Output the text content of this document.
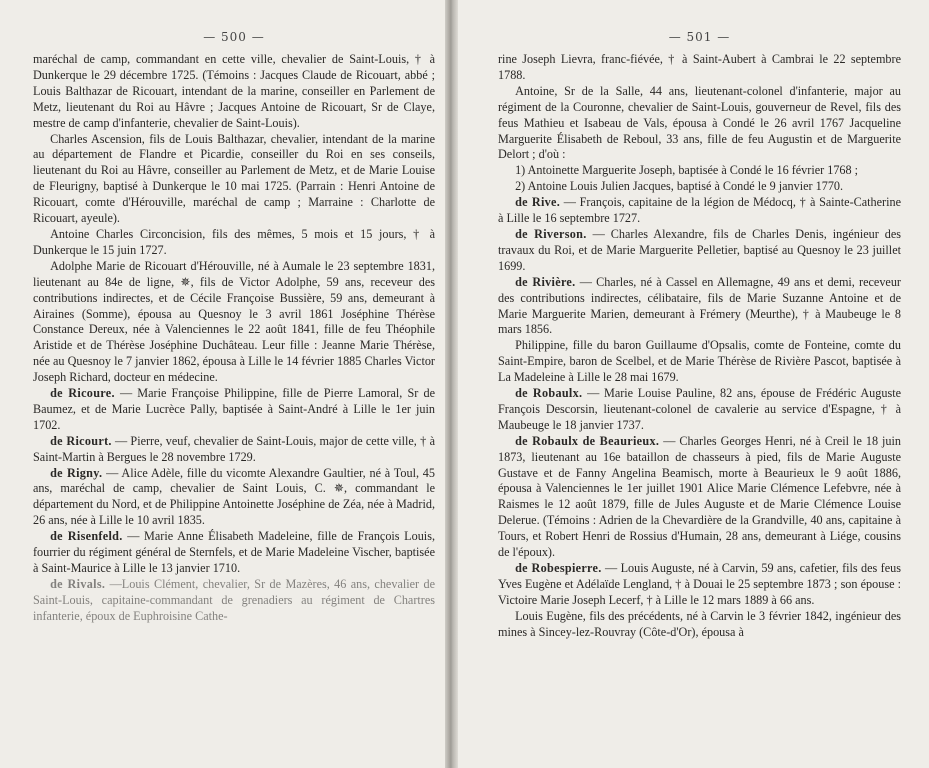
— 500 —

maréchal de camp, commandant en cette ville, chevalier de Saint-Louis, † à Dunkerque le 29 décembre 1725. (Témoins : Jacques Claude de Ricouart, abbé ; Louis Balthazar de Ricouart, intendant de la marine, conseiller en Parlement de Metz, lieutenant du Roi au Hâvre ; Jacques Antoine de Ricouart, Sr de Claye, mestre de camp d'infanterie, chevalier de Saint-Louis).

Charles Ascension, fils de Louis Balthazar, chevalier, intendant de la marine au département de Flandre et Picardie, conseiller du Roi en ses conseils, lieutenant du Roi au Hâvre, conseiller au Parlement de Metz, et de Marie Louise de Fleurigny, baptisé à Dunkerque le 10 mai 1725. (Parrain : Henri Antoine de Ricouart, comte d'Hérouville, maréchal de camp ; Marraine : Charlotte de Ricouart, ayeule).

Antoine Charles Circoncision, fils des mêmes, 5 mois et 15 jours, † à Dunkerque le 15 juin 1727.

Adolphe Marie de Ricouart d'Hérouville, né à Aumale le 23 septembre 1831, lieutenant au 84e de ligne, ✵, fils de Victor Adolphe, 59 ans, receveur des contributions indirectes, et de Cécile Françoise Bussière, 59 ans, demeurant à Airaines (Somme), épousa au Quesnoy le 3 avril 1861 Joséphine Thérèse Constance Dereux, née à Valenciennes le 22 août 1841, fille de feu Théophile Aristide et de Thérèse Joséphine Duchâteau. Leur fille : Jeanne Marie Thérèse, née au Quesnoy le 7 janvier 1862, épousa à Lille le 14 février 1885 Charles Victor Joseph Richard, docteur en médecine.

de Ricoure. — Marie Françoise Philippine, fille de Pierre Lamoral, Sr de Baumez, et de Marie Lucrèce Pally, baptisée à Saint-André à Lille le 1er juin 1702.

de Ricourt. — Pierre, veuf, chevalier de Saint-Louis, major de cette ville, † à Saint-Martin à Bergues le 28 novembre 1729.

de Rigny. — Alice Adèle, fille du vicomte Alexandre Gaultier, né à Toul, 45 ans, maréchal de camp, chevalier de Saint Louis, C. ✵, commandant le département du Nord, et de Philippine Antoinette Joséphine de Zéa, née à Madrid, 26 ans, née à Lille le 10 avril 1835.

de Risenfeld. — Marie Anne Élisabeth Madeleine, fille de François Louis, fourrier du régiment général de Sternfels, et de Marie Madeleine Vischer, baptisée à Saint-Maurice à Lille le 13 janvier 1710.

de Rivals. —Louis Clément, chevalier, Sr de Mazères, 46 ans, chevalier de Saint-Louis, capitaine-commandant de grenadiers au régiment de Chartres infanterie, époux de Euphroisine Cathe-

— 501 —

rine Joseph Lievra, franc-fiévée, † à Saint-Aubert à Cambrai le 22 septembre 1788.

Antoine, Sr de la Salle, 44 ans, lieutenant-colonel d'infanterie, major au régiment de la Couronne, chevalier de Saint-Louis, gouverneur de Revel, fils des feus Mathieu et Isabeau de Vals, épousa à Condé le 26 avril 1767 Jacqueline Marguerite Élisabeth de Reboul, 33 ans, fille de feu Augustin et de Marguerite Delort ; d'où :

1) Antoinette Marguerite Joseph, baptisée à Condé le 16 février 1768 ;

2) Antoine Louis Julien Jacques, baptisé à Condé le 9 janvier 1770.

de Rive. — François, capitaine de la légion de Médocq, † à Sainte-Catherine à Lille le 16 septembre 1727.

de Riverson. — Charles Alexandre, fils de Charles Denis, ingénieur des travaux du Roi, et de Marie Marguerite Pelletier, baptisé au Quesnoy le 23 juillet 1699.

de Rivière. — Charles, né à Cassel en Allemagne, 49 ans et demi, receveur des contributions indirectes, célibataire, fils de Marie Suzanne Antoine et de Marie Marguerite Marien, demeurant à Frémery (Meurthe), † à Maubeuge le 8 mars 1856.

Philippine, fille du baron Guillaume d'Opsalis, comte de Fonteine, comte du Saint-Empire, baron de Scelbel, et de Marie Thérèse de Rivière Pascot, baptisée à La Madeleine à Lille le 28 mai 1679.

de Robaulx. — Marie Louise Pauline, 82 ans, épouse de Frédéric Auguste François Descorsin, lieutenant-colonel de cavalerie au service d'Espagne, † à Maubeuge le 18 janvier 1737.

de Robaulx de Beaurieux. — Charles Georges Henri, né à Creil le 18 juin 1873, lieutenant au 16e bataillon de chasseurs à pied, fils de Marie Auguste Gustave et de Fanny Angelina Beamisch, morte à Beaurieux le 9 août 1886, épousa à Valenciennes le 1er juillet 1901 Alice Marie Clémence Lefebvre, née à Raismes le 12 août 1879, fille de Jules Auguste et de Marie Clémence Louise Delerue. (Témoins : Adrien de la Chevardière de la Grandville, 40 ans, capitaine à Tours, et Robert Henri de Rossius d'Humain, 28 ans, demeurant à Liége, cousins de l'époux).

de Robespierre. — Louis Auguste, né à Carvin, 59 ans, cafetier, fils des feus Yves Eugène et Adélaïde Lengland, † à Douai le 25 septembre 1873 ; son épouse : Victoire Marie Joseph Lecerf, † à Lille le 12 mars 1889 à 66 ans.

Louis Eugène, fils des précédents, né à Carvin le 3 février 1842, ingénieur des mines à Sincey-lez-Rouvray (Côte-d'Or), épousa à
